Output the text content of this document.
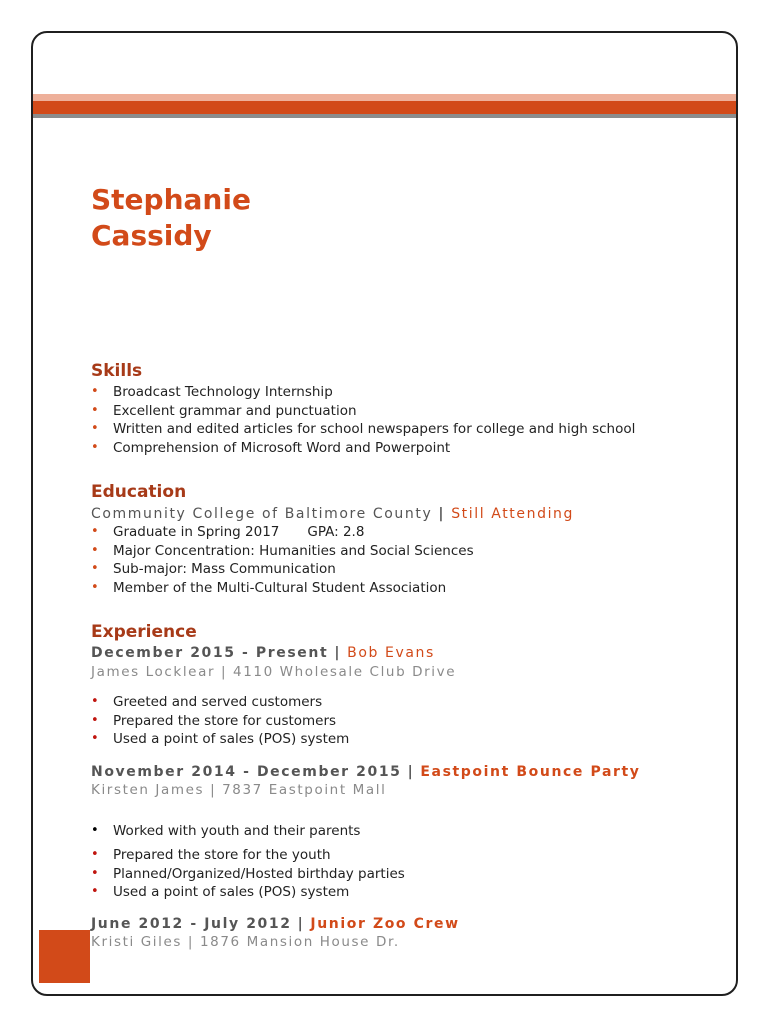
Stephanie
Cassidy
Skills
• Broadcast Technology Internship
• Excellent grammar and punctuation
• Written and edited articles for school newspapers for college and high school
• Comprehension of Microsoft Word and Powerpoint
Education

Community College of Baltimore County | Still Attending

• Graduate in Spring 2017 GPA: 2.8
• Major Concentration: Humanities and Social Sciences
• Sub-major: Mass Communication
• Member of the Multi-Cultural Student Association
Experience

December 2015 - Present | Bob Evans

James Locklear | 4110 Wholesale Club Drive

• Greeted and served customers
• Prepared the store for customers
• Used a point of sales (POS) system

November 2014 - December 2015 | Eastpoint Bounce Party

Kirsten James | 7837 Eastpoint Mall

• Worked with youth and their parents
• Prepared the store for the youth
• Planned/Organized/Hosted birthday parties
• Used a point of sales (POS) system

June 2012 - July 2012 | Junior Zoo Crew

Kristi Giles | 1876 Mansion House Dr.
